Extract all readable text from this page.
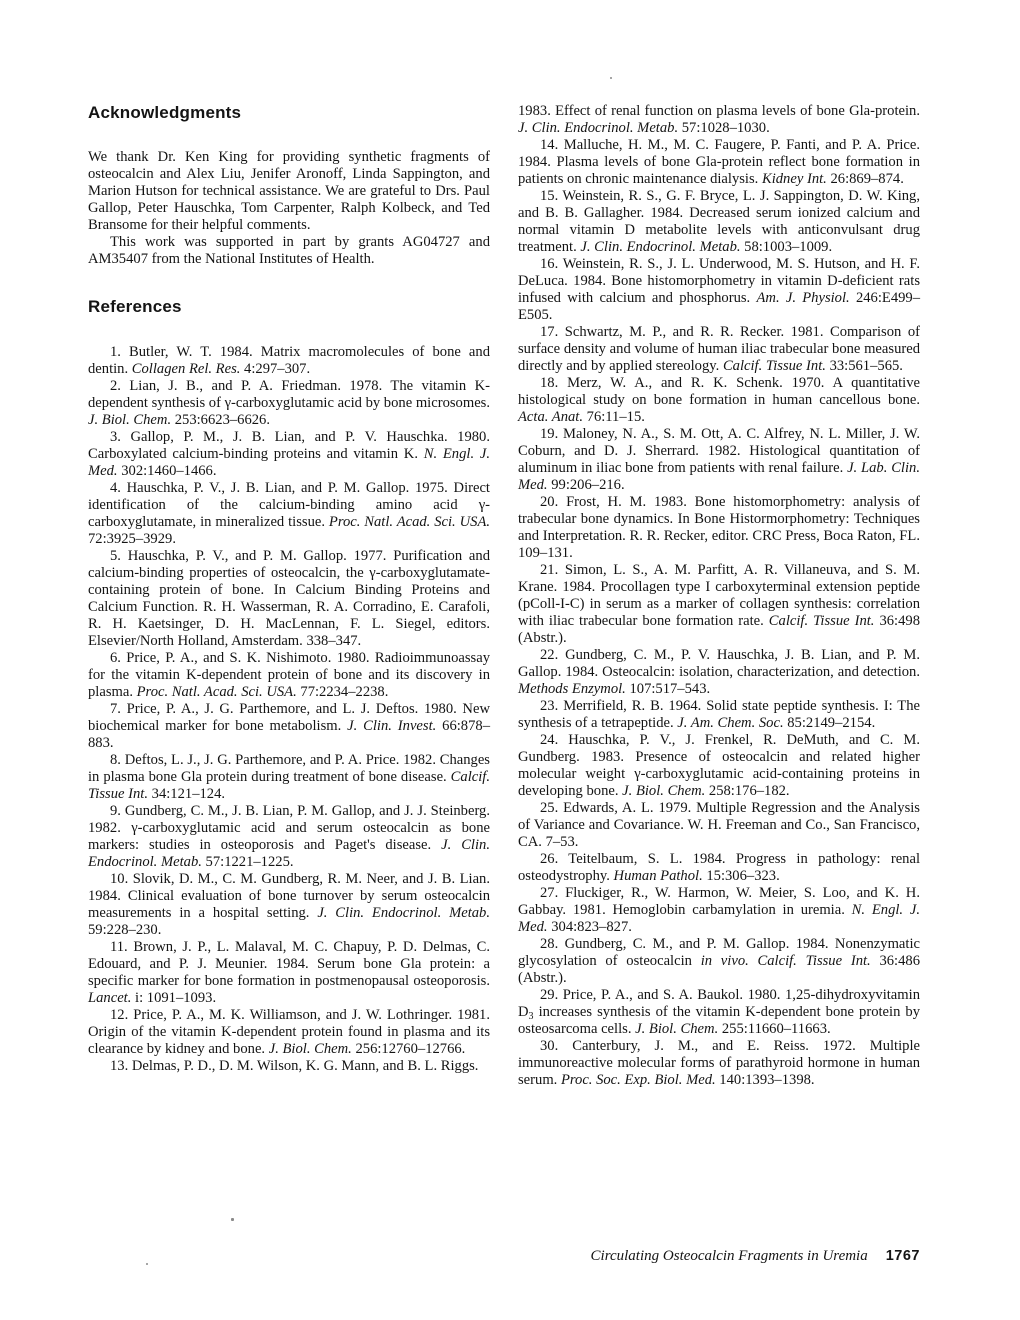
Acknowledgments

We thank Dr. Ken King for providing synthetic fragments of osteocalcin and Alex Liu, Jenifer Aronoff, Linda Sappington, and Marion Hutson for technical assistance. We are grateful to Drs. Paul Gallop, Peter Hauschka, Tom Carpenter, Ralph Kolbeck, and Ted Bransome for their helpful comments.

This work was supported in part by grants AG04727 and AM35407 from the National Institutes of Health.

References

1. Butler, W. T. 1984. Matrix macromolecules of bone and dentin. Collagen Rel. Res. 4:297–307.

2. Lian, J. B., and P. A. Friedman. 1978. The vitamin K-dependent synthesis of γ-carboxyglutamic acid by bone microsomes. J. Biol. Chem. 253:6623–6626.

3. Gallop, P. M., J. B. Lian, and P. V. Hauschka. 1980. Carboxylated calcium-binding proteins and vitamin K. N. Engl. J. Med. 302:1460–1466.

4. Hauschka, P. V., J. B. Lian, and P. M. Gallop. 1975. Direct identification of the calcium-binding amino acid γ-carboxyglutamate, in mineralized tissue. Proc. Natl. Acad. Sci. USA. 72:3925–3929.

5. Hauschka, P. V., and P. M. Gallop. 1977. Purification and calcium-binding properties of osteocalcin, the γ-carboxyglutamate-containing protein of bone. In Calcium Binding Proteins and Calcium Function. R. H. Wasserman, R. A. Corradino, E. Carafoli, R. H. Kaetsinger, D. H. MacLennan, F. L. Siegel, editors. Elsevier/North Holland, Amsterdam. 338–347.

6. Price, P. A., and S. K. Nishimoto. 1980. Radioimmunoassay for the vitamin K-dependent protein of bone and its discovery in plasma. Proc. Natl. Acad. Sci. USA. 77:2234–2238.

7. Price, P. A., J. G. Parthemore, and L. J. Deftos. 1980. New biochemical marker for bone metabolism. J. Clin. Invest. 66:878–883.

8. Deftos, L. J., J. G. Parthemore, and P. A. Price. 1982. Changes in plasma bone Gla protein during treatment of bone disease. Calcif. Tissue Int. 34:121–124.

9. Gundberg, C. M., J. B. Lian, P. M. Gallop, and J. J. Steinberg. 1982. γ-carboxyglutamic acid and serum osteocalcin as bone markers: studies in osteoporosis and Paget's disease. J. Clin. Endocrinol. Metab. 57:1221–1225.

10. Slovik, D. M., C. M. Gundberg, R. M. Neer, and J. B. Lian. 1984. Clinical evaluation of bone turnover by serum osteocalcin measurements in a hospital setting. J. Clin. Endocrinol. Metab. 59:228–230.

11. Brown, J. P., L. Malaval, M. C. Chapuy, P. D. Delmas, C. Edouard, and P. J. Meunier. 1984. Serum bone Gla protein: a specific marker for bone formation in postmenopausal osteoporosis. Lancet. i: 1091–1093.

12. Price, P. A., M. K. Williamson, and J. W. Lothringer. 1981. Origin of the vitamin K-dependent protein found in plasma and its clearance by kidney and bone. J. Biol. Chem. 256:12760–12766.

13. Delmas, P. D., D. M. Wilson, K. G. Mann, and B. L. Riggs.

1983. Effect of renal function on plasma levels of bone Gla-protein. J. Clin. Endocrinol. Metab. 57:1028–1030.

14. Malluche, H. M., M. C. Faugere, P. Fanti, and P. A. Price. 1984. Plasma levels of bone Gla-protein reflect bone formation in patients on chronic maintenance dialysis. Kidney Int. 26:869–874.

15. Weinstein, R. S., G. F. Bryce, L. J. Sappington, D. W. King, and B. B. Gallagher. 1984. Decreased serum ionized calcium and normal vitamin D metabolite levels with anticonvulsant drug treatment. J. Clin. Endocrinol. Metab. 58:1003–1009.

16. Weinstein, R. S., J. L. Underwood, M. S. Hutson, and H. F. DeLuca. 1984. Bone histomorphometry in vitamin D-deficient rats infused with calcium and phosphorus. Am. J. Physiol. 246:E499–E505.

17. Schwartz, M. P., and R. R. Recker. 1981. Comparison of surface density and volume of human iliac trabecular bone measured directly and by applied stereology. Calcif. Tissue Int. 33:561–565.

18. Merz, W. A., and R. K. Schenk. 1970. A quantitative histological study on bone formation in human cancellous bone. Acta. Anat. 76:11–15.

19. Maloney, N. A., S. M. Ott, A. C. Alfrey, N. L. Miller, J. W. Coburn, and D. J. Sherrard. 1982. Histological quantitation of aluminum in iliac bone from patients with renal failure. J. Lab. Clin. Med. 99:206–216.

20. Frost, H. M. 1983. Bone histomorphometry: analysis of trabecular bone dynamics. In Bone Histormorphometry: Techniques and Interpretation. R. R. Recker, editor. CRC Press, Boca Raton, FL. 109–131.

21. Simon, L. S., A. M. Parfitt, A. R. Villaneuva, and S. M. Krane. 1984. Procollagen type I carboxyterminal extension peptide (pColl-I-C) in serum as a marker of collagen synthesis: correlation with iliac trabecular bone formation rate. Calcif. Tissue Int. 36:498 (Abstr.).

22. Gundberg, C. M., P. V. Hauschka, J. B. Lian, and P. M. Gallop. 1984. Osteocalcin: isolation, characterization, and detection. Methods Enzymol. 107:517–543.

23. Merrifield, R. B. 1964. Solid state peptide synthesis. I: The synthesis of a tetrapeptide. J. Am. Chem. Soc. 85:2149–2154.

24. Hauschka, P. V., J. Frenkel, R. DeMuth, and C. M. Gundberg. 1983. Presence of osteocalcin and related higher molecular weight γ-carboxyglutamic acid-containing proteins in developing bone. J. Biol. Chem. 258:176–182.

25. Edwards, A. L. 1979. Multiple Regression and the Analysis of Variance and Covariance. W. H. Freeman and Co., San Francisco, CA. 7–53.

26. Teitelbaum, S. L. 1984. Progress in pathology: renal osteodystrophy. Human Pathol. 15:306–323.

27. Fluckiger, R., W. Harmon, W. Meier, S. Loo, and K. H. Gabbay. 1981. Hemoglobin carbamylation in uremia. N. Engl. J. Med. 304:823–827.

28. Gundberg, C. M., and P. M. Gallop. 1984. Nonenzymatic glycosylation of osteocalcin in vivo. Calcif. Tissue Int. 36:486 (Abstr.).

29. Price, P. A., and S. A. Baukol. 1980. 1,25-dihydroxyvitamin $D_3$ increases synthesis of the vitamin K-dependent bone protein by osteosarcoma cells. J. Biol. Chem. 255:11660–11663.

30. Canterbury, J. M., and E. Reiss. 1972. Multiple immunoreactive molecular forms of parathyroid hormone in human serum. Proc. Soc. Exp. Biol. Med. 140:1393–1398.

Circulating Osteocalcin Fragments in Uremia 1767
